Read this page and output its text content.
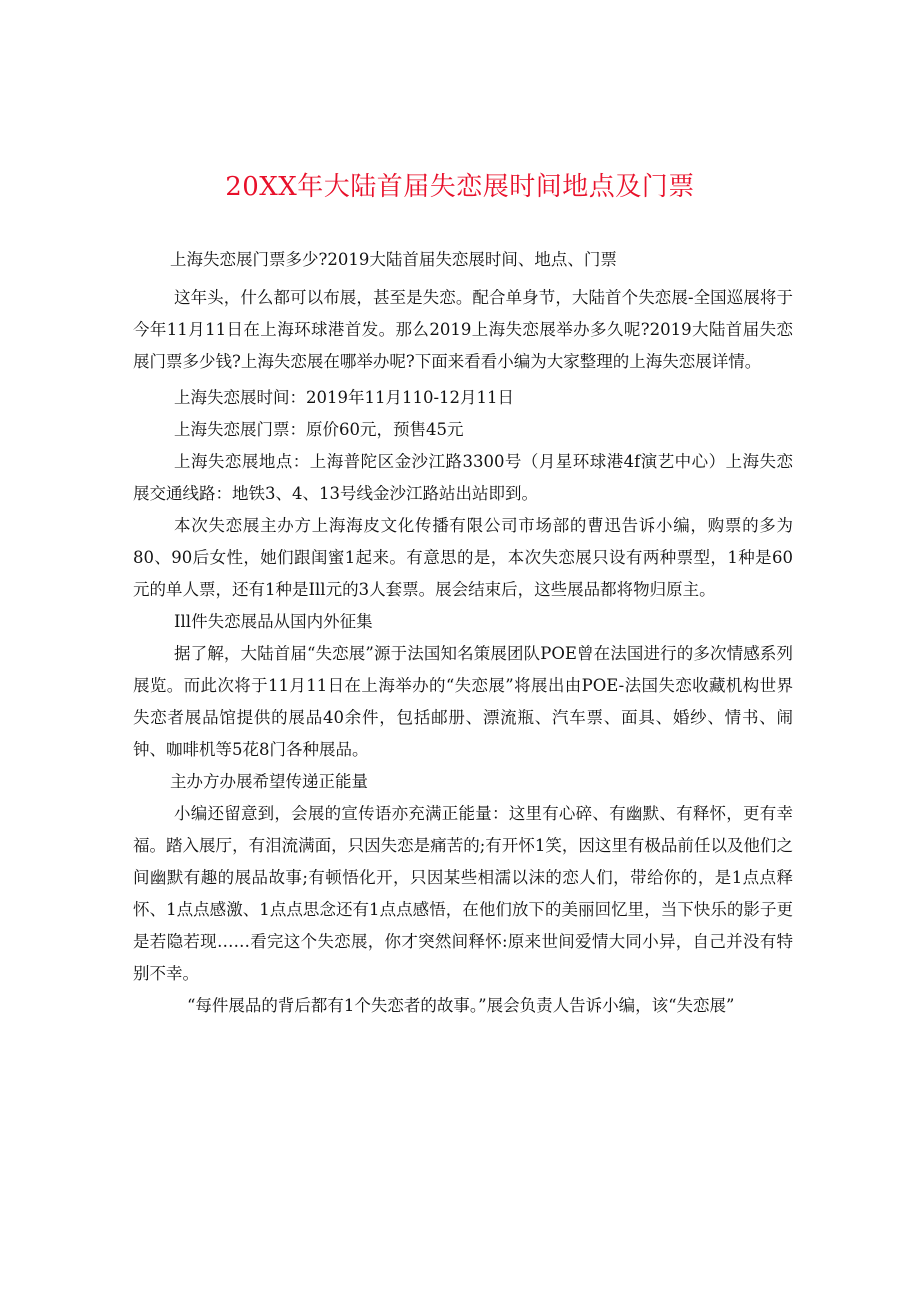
20XX年大陆首届失恋展时间地点及门票

上海失恋展门票多少?2019大陆首届失恋展时间、地点、门票

这年头，什么都可以布展，甚至是失恋。配合单身节，大陆首个失恋展-全国巡展将于今年11月11日在上海环球港首发。那么2019上海失恋展举办多久呢?2019大陆首届失恋展门票多少钱?上海失恋展在哪举办呢?下面来看看小编为大家整理的上海失恋展详情。

上海失恋展时间：2019年11月110-12月11日

上海失恋展门票：原价60元，预售45元

上海失恋展地点：上海普陀区金沙江路3300号（月星环球港4f演艺中心）上海失恋展交通线路：地铁3、4、13号线金沙江路站出站即到。

本次失恋展主办方上海海皮文化传播有限公司市场部的曹迅告诉小编，购票的多为80、90后女性，她们跟闺蜜1起来。有意思的是，本次失恋展只设有两种票型，1种是60元的单人票，还有1种是Ill元的3人套票。展会结束后，这些展品都将物归原主。

Ill件失恋展品从国内外征集

据了解，大陆首届“失恋展”源于法国知名策展团队POE曾在法国进行的多次情感系列展览。而此次将于11月11日在上海举办的“失恋展”将展出由POE-法国失恋收藏机构世界失恋者展品馆提供的展品40余件，包括邮册、漂流瓶、汽车票、面具、婚纱、情书、闹钟、咖啡机等5花8门各种展品。

主办方办展希望传递正能量

小编还留意到，会展的宣传语亦充满正能量：这里有心碎、有幽默、有释怀，更有幸福。踏入展厅，有泪流满面，只因失恋是痛苦的;有开怀1笑，因这里有极品前任以及他们之间幽默有趣的展品故事;有顿悟化开，只因某些相濡以沫的恋人们，带给你的，是1点点释怀、1点点感激、1点点思念还有1点点感悟，在他们放下的美丽回忆里，当下快乐的影子更是若隐若现……看完这个失恋展，你才突然间释怀:原来世间爱情大同小异，自己并没有特别不幸。

“每件展品的背后都有1个失恋者的故事。”展会负责人告诉小编，该“失恋展”
